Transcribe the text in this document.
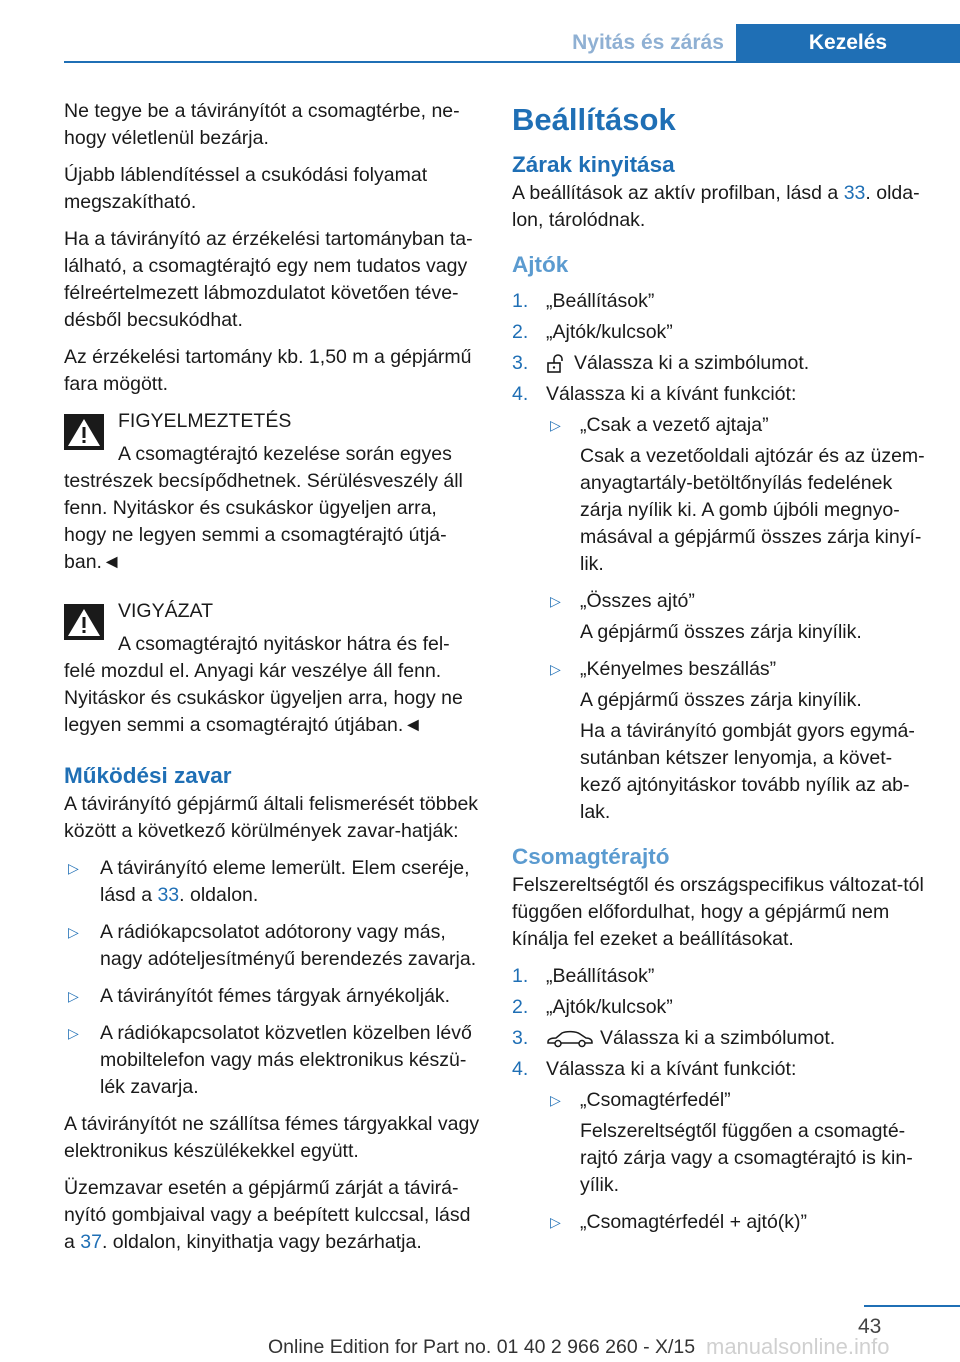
Nyitás és zárás	Kezelés

Ne tegye be a távirányítót a csomagtérbe, ne-hogy véletlenül bezárja.

Újabb láblendítéssel a csukódási folyamat megszakítható.

Ha a távirányító az érzékelési tartományban ta-lálható, a csomagtérajtó egy nem tudatos vagy félreértelmezett lábmozdulatot követően téve-désből becsukódhat.

Az érzékelési tartomány kb. 1,50 m a gépjármű fara mögött.

FIGYELMEZTETÉS
A csomagtérajtó kezelése során egyes testrészek becsípődhetnek. Sérülésveszély áll fenn. Nyitáskor és csukáskor ügyeljen arra, hogy ne legyen semmi a csomagtérajtó útjá-ban.◄
VIGYÁZAT
A csomagtérajtó nyitáskor hátra és fel-felé mozdul el. Anyagi kár veszélye áll fenn. Nyitáskor és csukáskor ügyeljen arra, hogy ne legyen semmi a csomagtérajtó útjában.◄
Működési zavar

A távirányító gépjármű általi felismerését többek között a következő körülmények zavar-hatják:

▷ A távirányító eleme lemerült. Elem cseréje, lásd a 33. oldalon.
▷ A rádiókapcsolatot adótorony vagy más, nagy adóteljesítményű berendezés zavarja.
▷ A távirányítót fémes tárgyak árnyékolják.
▷ A rádiókapcsolatot közvetlen közelben lévő mobiltelefon vagy más elektronikus készü-lék zavarja.

A távirányítót ne szállítsa fémes tárgyakkal vagy elektronikus készülékekkel együtt.

Üzemzavar esetén a gépjármű zárját a távirá-nyító gombjaival vagy a beépített kulccsal, lásd a 37. oldalon, kinyithatja vagy bezárhatja.

Beállítások
Zárak kinyitása

A beállítások az aktív profilban, lásd a 33. olda-lon, tárolódnak.

Ajtók
1. „Beállítások”
2. „Ajtók/kulcsok”
3. Válassza ki a szimbólumot.
4. Válassza ki a kívánt funkciót:
▷ „Csak a vezető ajtaja”

Csak a vezetőoldali ajtózár és az üzem-anyagtartály-betöltőnyílás fedelének zárja nyílik ki. A gomb újbóli megnyo-másával a gépjármű összes zárja kinyí-lik.

▷ „Összes ajtó”

A gépjármű összes zárja kinyílik.

▷ „Kényelmes beszállás”

A gépjármű összes zárja kinyílik.

Ha a távirányító gombját gyors egymá-sutánban kétszer lenyomja, a követ-kező ajtónyitáskor tovább nyílik az ab-lak.

Csomagtérajtó

Felszereltségtől és országspecifikus változat-tól függően előfordulhat, hogy a gépjármű nem kínálja fel ezeket a beállításokat.

1. „Beállítások”
2. „Ajtók/kulcsok”
3.	Válassza ki a szimbólumot.
4. Válassza ki a kívánt funkciót:
▷ „Csomagtérfedél”

Felszereltségtől függően a csomagté-rajtó zárja vagy a csomagtérajtó is kin-yílik.

▷ „Csomagtérfedél + ajtó(k)”
43
Online Edition for Part no. 01 40 2 966 260 - X/15 manualsonline.info
